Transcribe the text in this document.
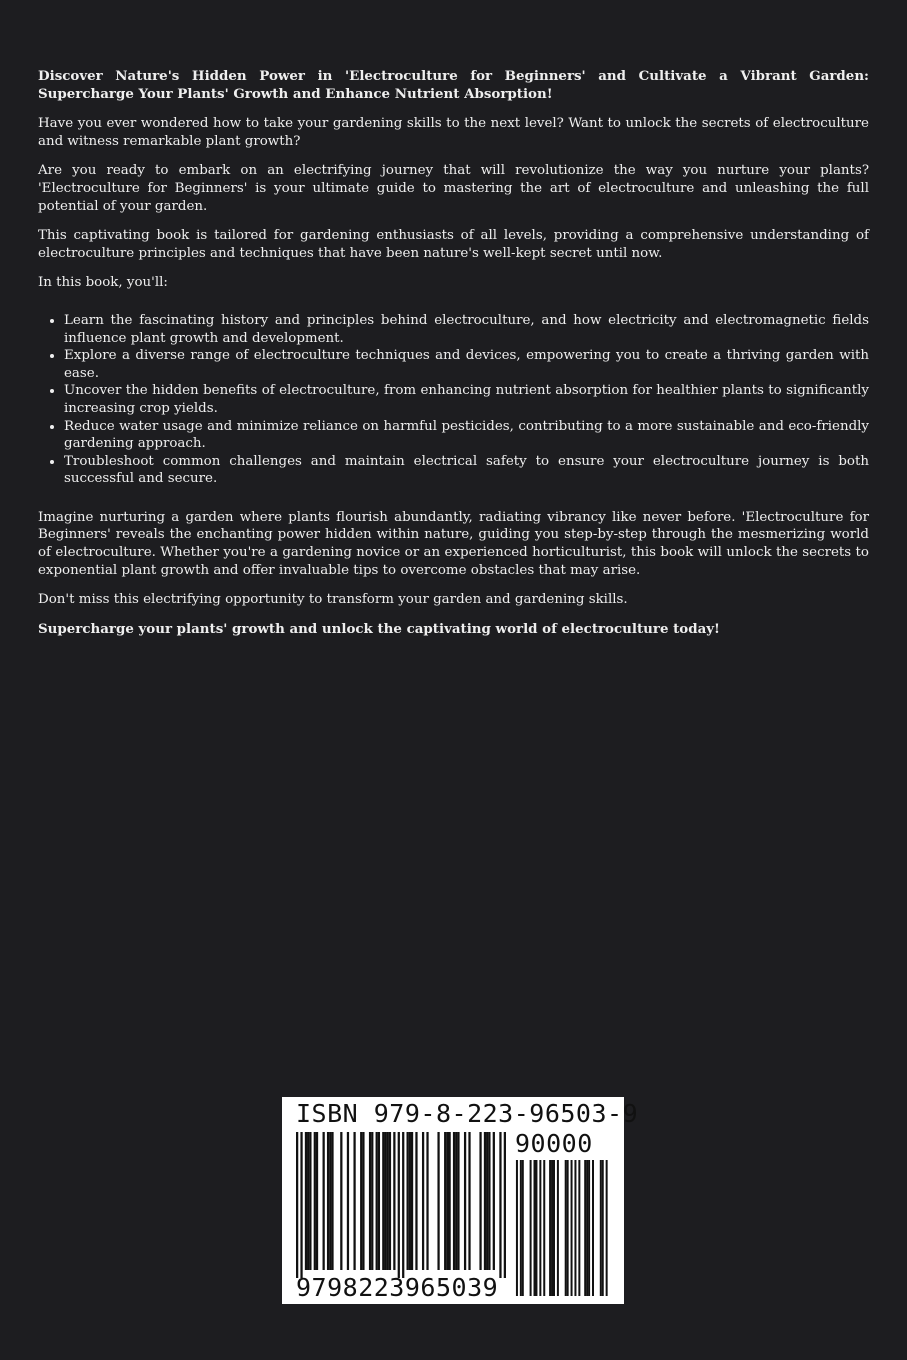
Discover Nature's Hidden Power in 'Electroculture for Beginners' and Cultivate a Vibrant Garden: Supercharge Your Plants' Growth and Enhance Nutrient Absorption!

Have you ever wondered how to take your gardening skills to the next level? Want to unlock the secrets of electroculture and witness remarkable plant growth?

Are you ready to embark on an electrifying journey that will revolutionize the way you nurture your plants? 'Electroculture for Beginners' is your ultimate guide to mastering the art of electroculture and unleashing the full potential of your garden.

This captivating book is tailored for gardening enthusiasts of all levels, providing a comprehensive understanding of electroculture principles and techniques that have been nature's well-kept secret until now.

In this book, you'll:

• Learn the fascinating history and principles behind electroculture, and how electricity and electromagnetic fields influence plant growth and development.
• Explore a diverse range of electroculture techniques and devices, empowering you to create a thriving garden with ease.
• Uncover the hidden benefits of electroculture, from enhancing nutrient absorption for healthier plants to significantly increasing crop yields.
• Reduce water usage and minimize reliance on harmful pesticides, contributing to a more sustainable and eco-friendly gardening approach.
• Troubleshoot common challenges and maintain electrical safety to ensure your electroculture journey is both successful and secure.

Imagine nurturing a garden where plants flourish abundantly, radiating vibrancy like never before. 'Electroculture for Beginners' reveals the enchanting power hidden within nature, guiding you step-by-step through the mesmerizing world of electroculture. Whether you're a gardening novice or an experienced horticulturist, this book will unlock the secrets to exponential plant growth and offer invaluable tips to overcome obstacles that may arise.

Don't miss this electrifying opportunity to transform your garden and gardening skills.

Supercharge your plants' growth and unlock the captivating world of electroculture today!

ISBN 979-8-223-96503-9
90000
9798223965039
